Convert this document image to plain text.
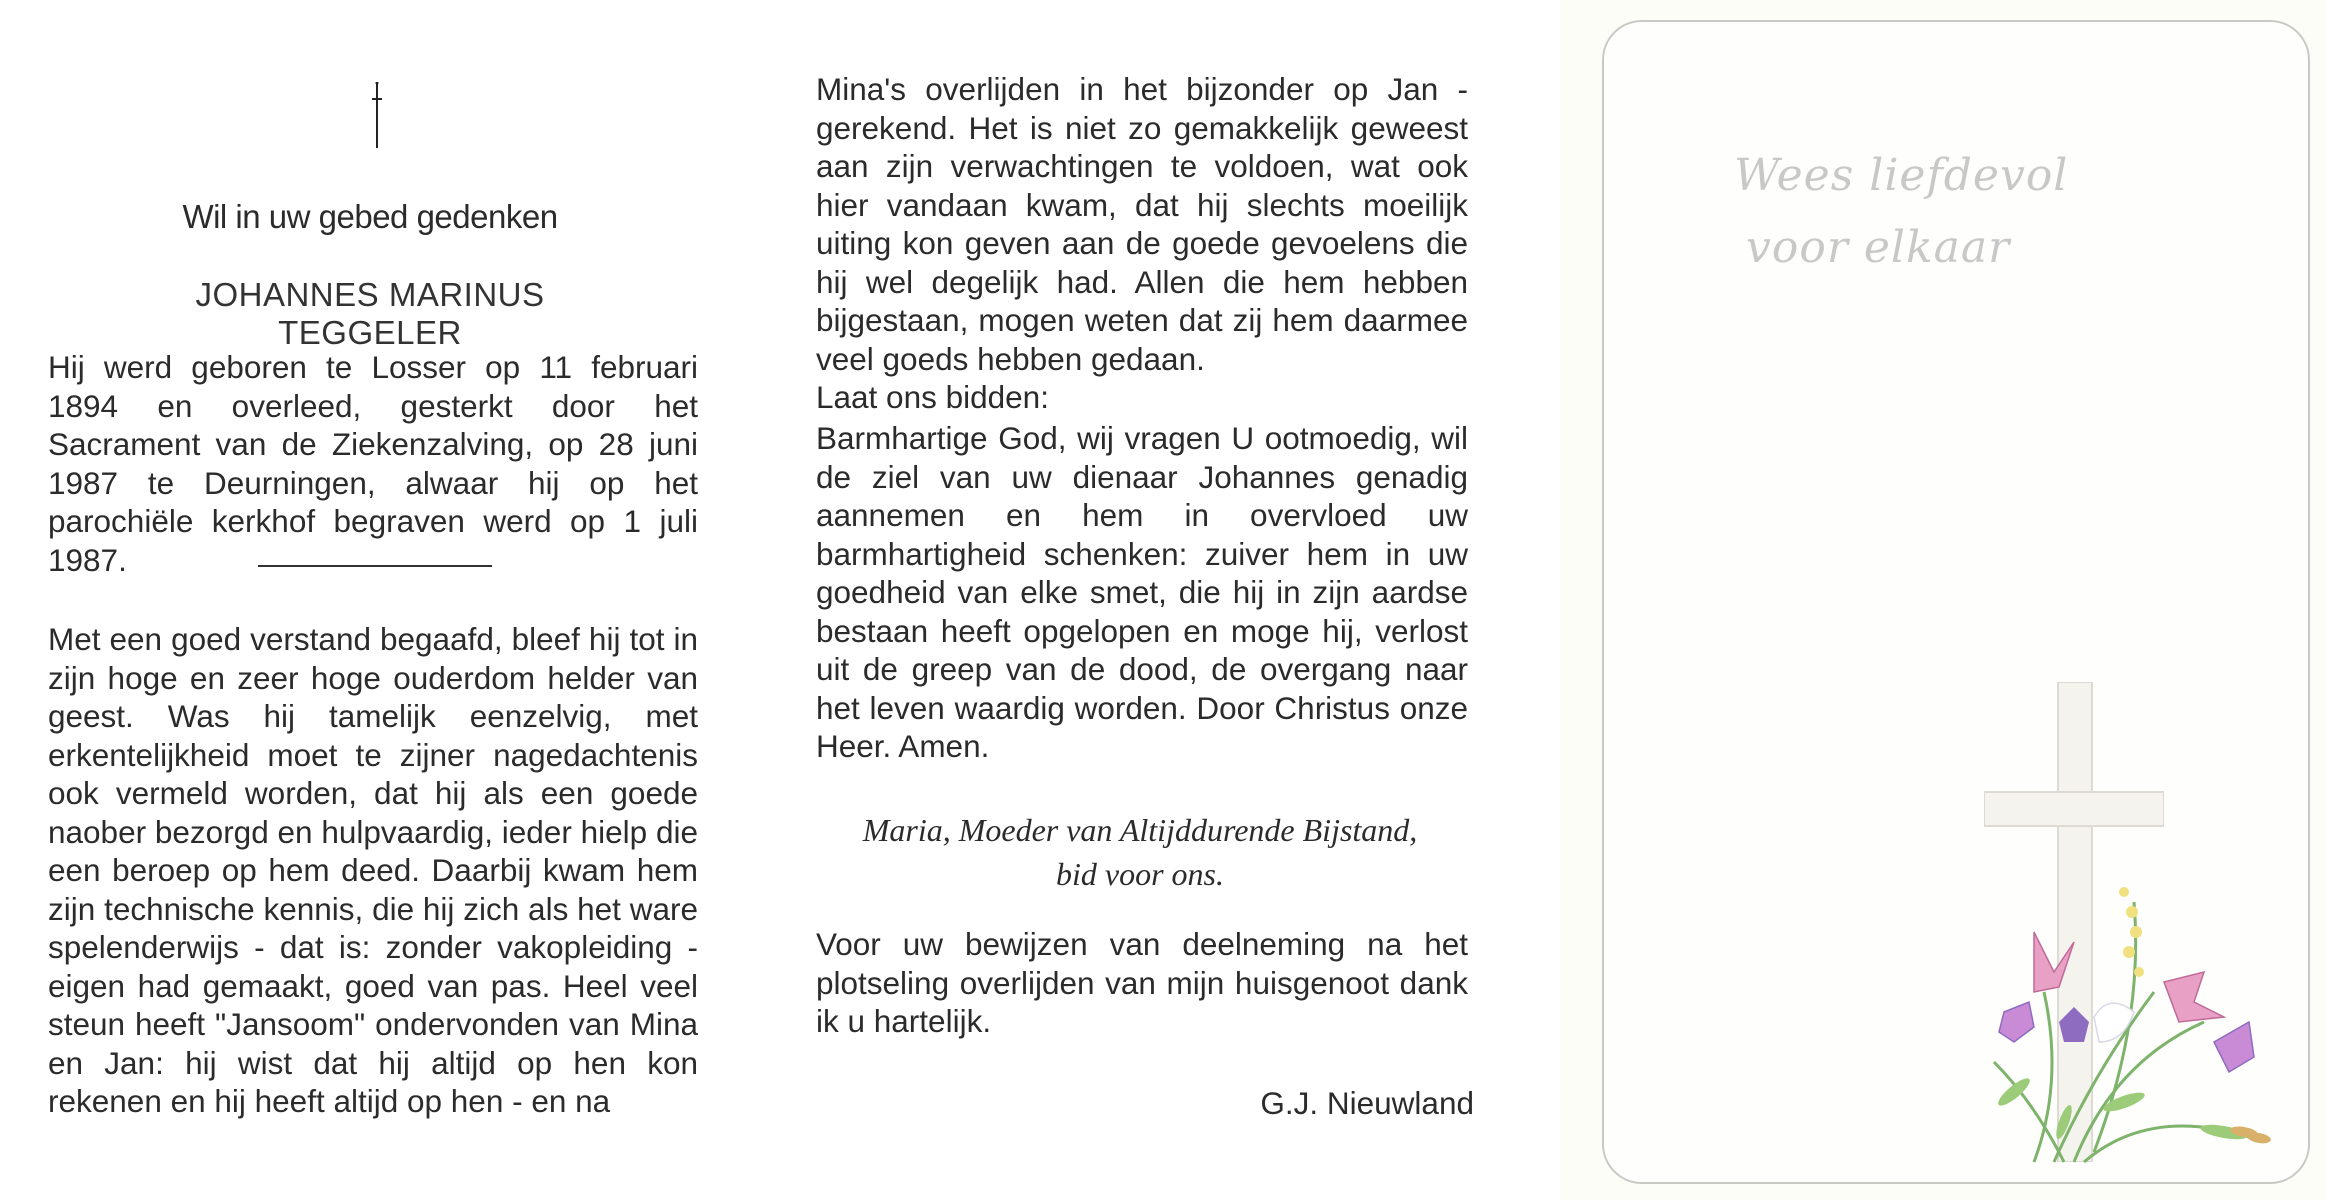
Wil in uw gebed gedenken
JOHANNES MARINUS TEGGELER
Hij werd geboren te Losser op 11 februari 1894 en overleed, gesterkt door het Sacrament van de Ziekenzalving, op 28 juni 1987 te Deurningen, alwaar hij op het parochiële kerkhof begraven werd op 1 juli 1987.
Met een goed verstand begaafd, bleef hij tot in zijn hoge en zeer hoge ouderdom helder van geest. Was hij tamelijk eenzelvig, met erkentelijkheid moet te zijner nagedachtenis ook vermeld worden, dat hij als een goede naober bezorgd en hulpvaardig, ieder hielp die een beroep op hem deed. Daarbij kwam hem zijn technische kennis, die hij zich als het ware spelenderwijs - dat is: zonder vakopleiding - eigen had gemaakt, goed van pas. Heel veel steun heeft "Jansoom" ondervonden van Mina en Jan: hij wist dat hij altijd op hen kon rekenen en hij heeft altijd op hen - en na
Mina's overlijden in het bijzonder op Jan - gerekend. Het is niet zo gemakkelijk geweest aan zijn verwachtingen te voldoen, wat ook hier vandaan kwam, dat hij slechts moeilijk uiting kon geven aan de goede gevoelens die hij wel degelijk had. Allen die hem hebben bijgestaan, mogen weten dat zij hem daarmee veel goeds hebben gedaan.
Laat ons bidden:
Barmhartige God, wij vragen U ootmoedig, wil de ziel van uw dienaar Johannes genadig aannemen en hem in overvloed uw barmhartigheid schenken: zuiver hem in uw goedheid van elke smet, die hij in zijn aardse bestaan heeft opgelopen en moge hij, verlost uit de greep van de dood, de overgang naar het leven waardig worden. Door Christus onze Heer. Amen.
Maria, Moeder van Altijddurende Bijstand,
bid voor ons.
Voor uw bewijzen van deelneming na het plotseling overlijden van mijn huisgenoot dank ik u hartelijk.
G.J. Nieuwland
Wees liefdevol
voor elkaar
